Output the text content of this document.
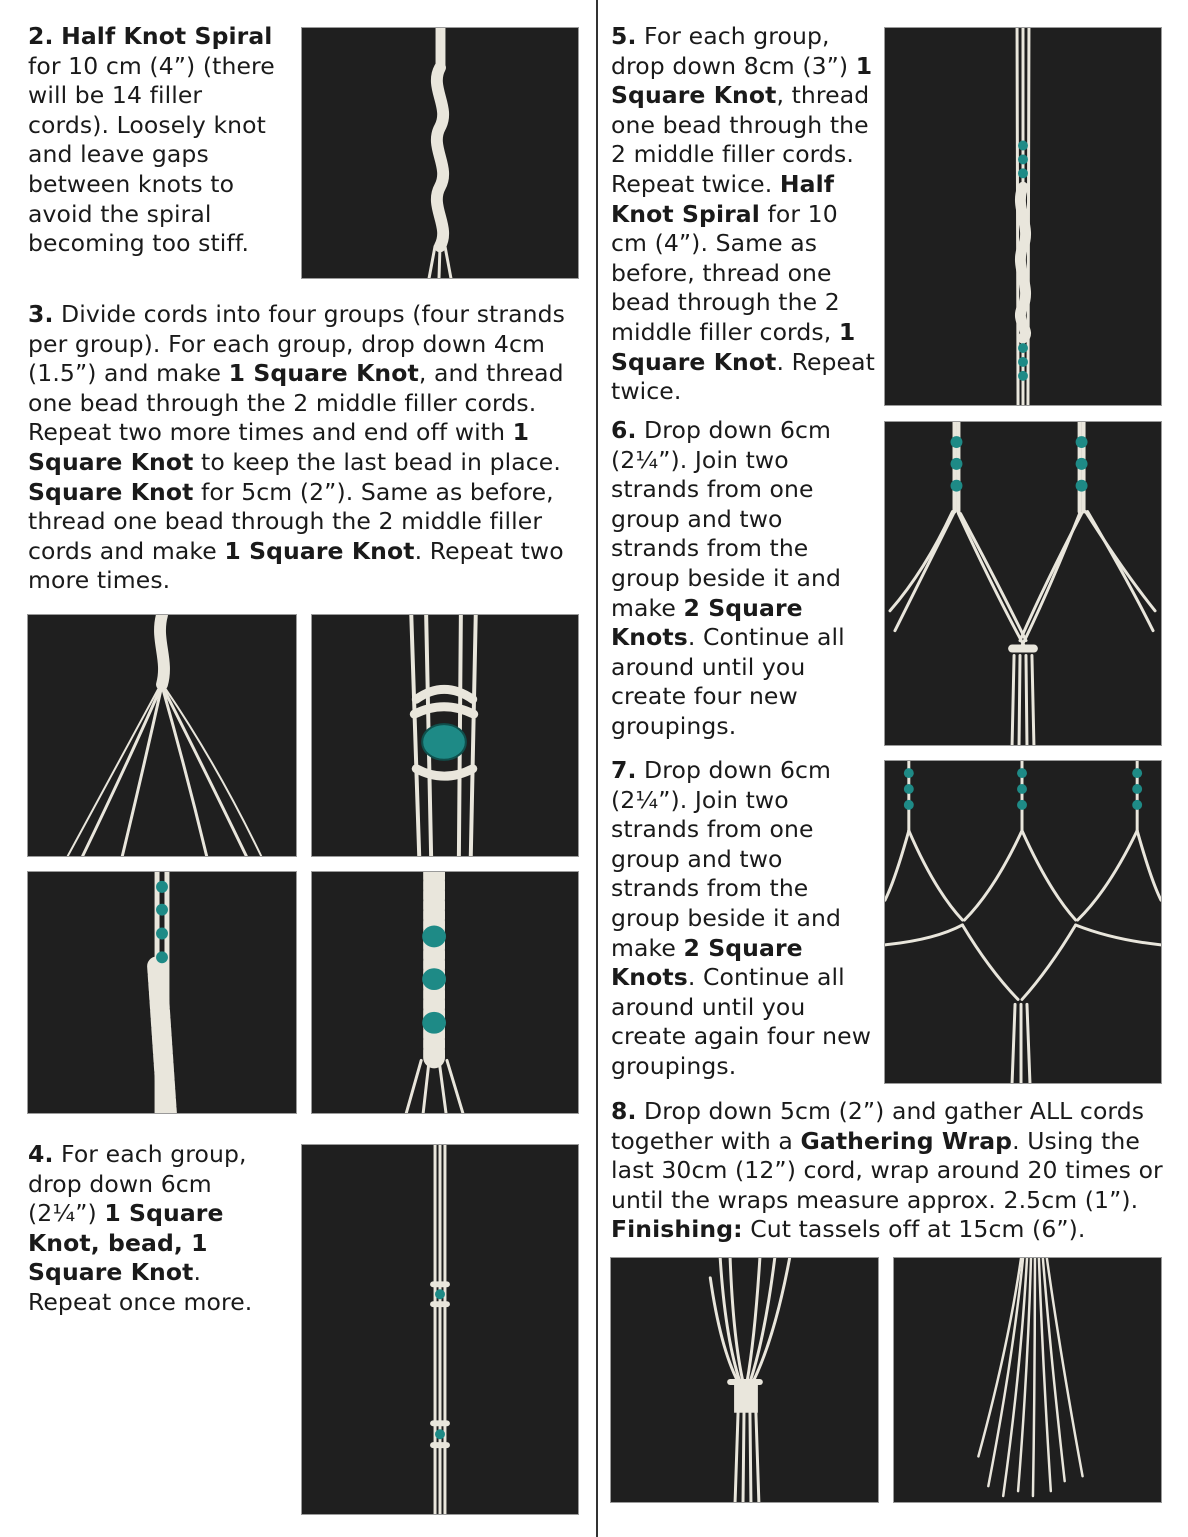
2. Half Knot Spiral for 10 cm (4”) (there will be 14 filler cords). Loosely knot and leave gaps between knots to avoid the spiral becoming too stiff.
3. Divide cords into four groups (four strands per group). For each group, drop down 4cm (1.5”) and make 1 Square Knot, and thread one bead through the 2 middle filler cords. Repeat two more times and end off with 1 Square Knot to keep the last bead in place. Square Knot for 5cm (2”). Same as before, thread one bead through the 2 middle filler cords and make 1 Square Knot. Repeat two more times.
4. For each group, drop down 6cm (2¼”) 1 Square Knot, bead, 1 Square Knot. Repeat once more.
5. For each group, drop down 8cm (3”) 1 Square Knot, thread one bead through the 2 middle filler cords. Repeat twice. Half Knot Spiral for 10 cm (4”). Same as before, thread one bead through the 2 middle filler cords, 1 Square Knot. Repeat twice.
6. Drop down 6cm (2¼”). Join two strands from one group and two strands from the group beside it and make 2 Square Knots. Continue all around until you create four new groupings.
7. Drop down 6cm (2¼”). Join two strands from one group and two strands from the group beside it and make 2 Square Knots. Continue all around until you create again four new groupings.
8. Drop down 5cm (2”) and gather ALL cords together with a Gathering Wrap. Using the last 30cm (12”) cord, wrap around 20 times or until the wraps measure approx. 2.5cm (1”). Finishing: Cut tassels off at 15cm (6”).
